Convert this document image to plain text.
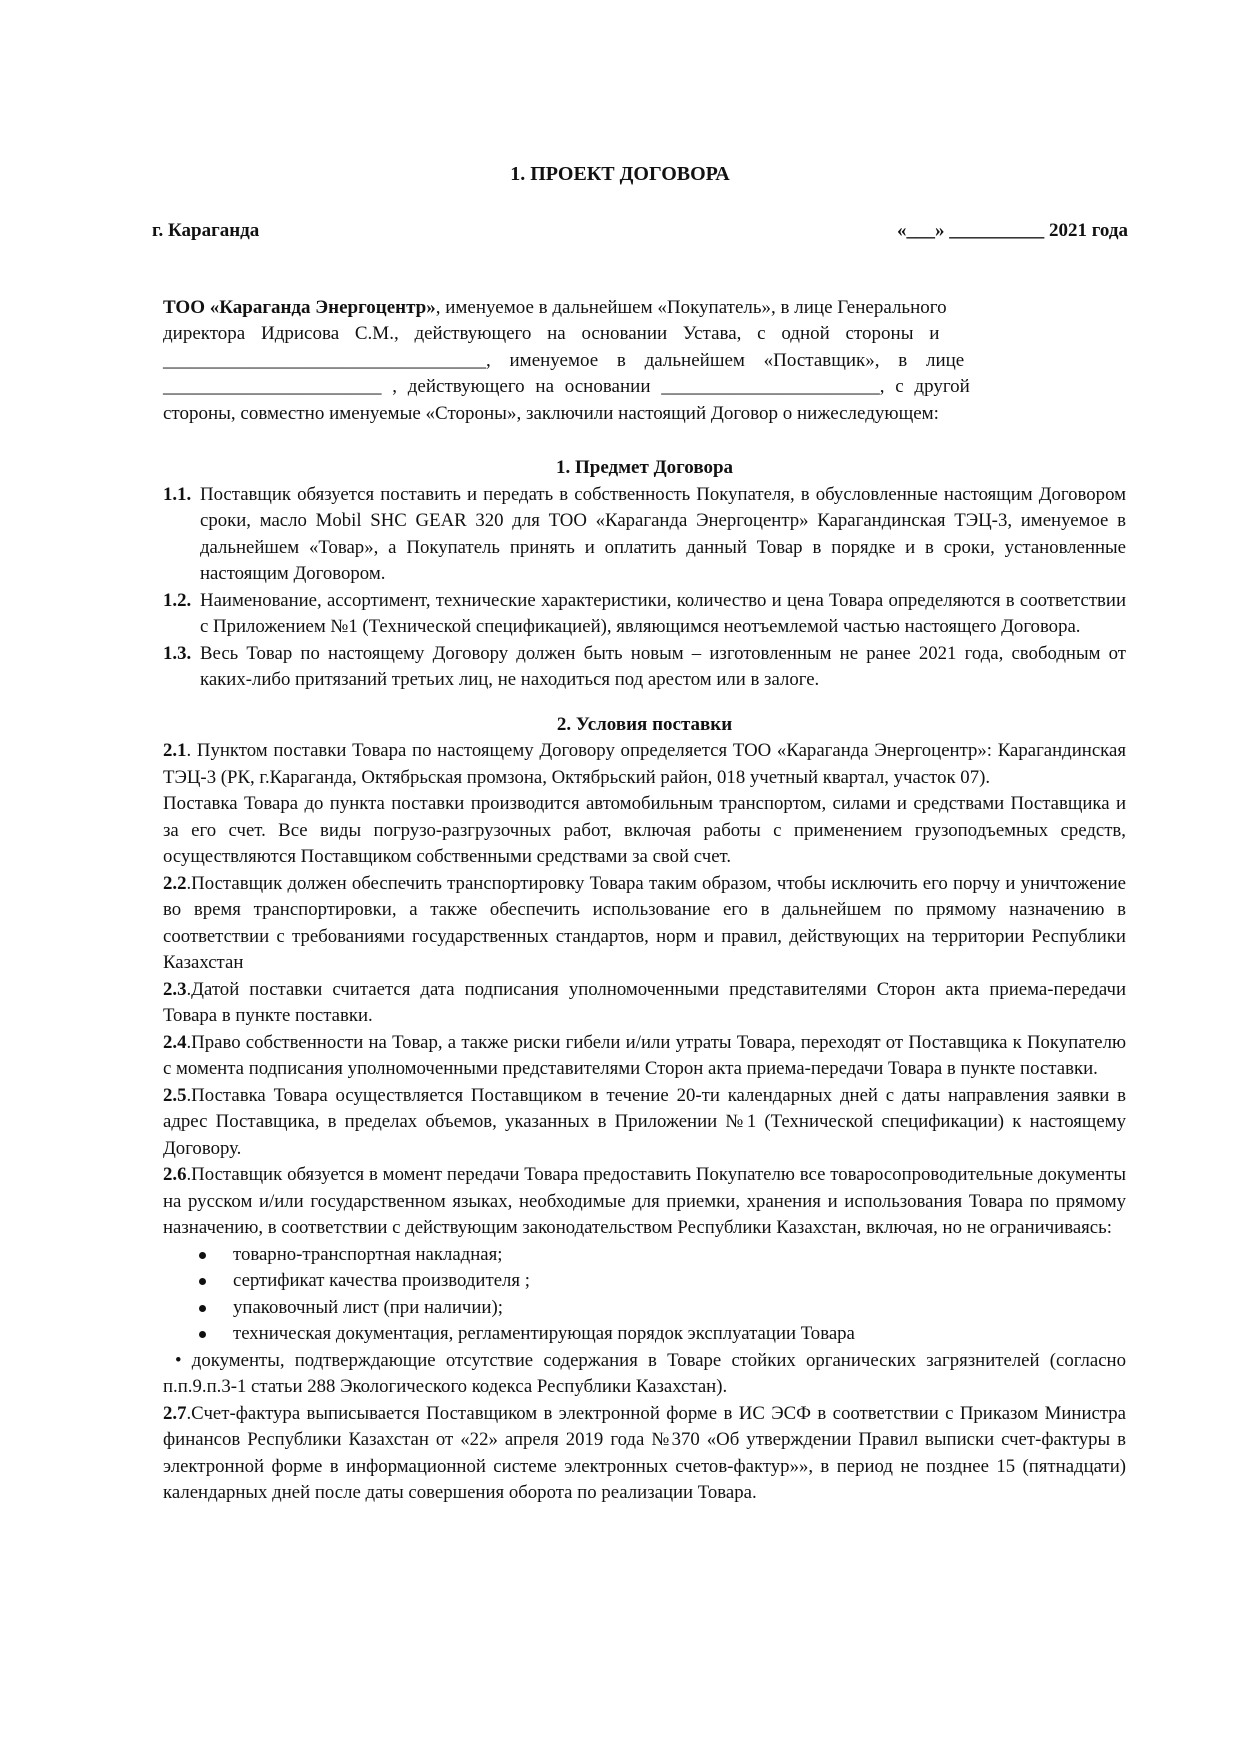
1. ПРОЕКТ ДОГОВОРА
г. Караганда	«___» __________ 2021 года
ТОО «Караганда Энергоцентр», именуемое в дальнейшем «Покупатель», в лице Генерального
директора Идрисова С.М., действующего на основании Устава, с одной стороны и
__________________________________, именуемое в дальнейшем «Поставщик», в лице
_______________________ , действующего на основании _______________________, с другой
стороны, совместно именуемые «Стороны», заключили настоящий Договор о нижеследующем:

1. Предмет Договора

1.1. Поставщик обязуется поставить и передать в собственность Покупателя, в обусловленные настоящим Договором сроки, масло Mobil SHC GEAR 320 для ТОО «Караганда Энергоцентр» Карагандинская ТЭЦ-3, именуемое в дальнейшем «Товар», а Покупатель принять и оплатить данный Товар в порядке и в сроки, установленные настоящим Договором.
1.2. Наименование, ассортимент, технические характеристики, количество и цена Товара определяются в соответствии с Приложением №1 (Технической спецификацией), являющимся неотъемлемой частью настоящего Договора.
1.3. Весь Товар по настоящему Договору должен быть новым – изготовленным не ранее 2021 года, свободным от каких-либо притязаний третьих лиц, не находиться под арестом или в залоге.

2. Условия поставки

2.1. Пунктом поставки Товара по настоящему Договору определяется ТОО «Караганда Энергоцентр»: Карагандинская ТЭЦ-3 (РК, г.Караганда, Октябрьская промзона, Октябрьский район, 018 учетный квартал, участок 07).

Поставка Товара до пункта поставки производится автомобильным транспортом, силами и средствами Поставщика и за его счет. Все виды погрузо-разгрузочных работ, включая работы с применением грузоподъемных средств, осуществляются Поставщиком собственными средствами за свой счет.

2.2.Поставщик должен обеспечить транспортировку Товара таким образом, чтобы исключить его порчу и уничтожение во время транспортировки, а также обеспечить использование его в дальнейшем по прямому назначению в соответствии с требованиями государственных стандартов, норм и правил, действующих на территории Республики Казахстан

2.3.Датой поставки считается дата подписания уполномоченными представителями Сторон акта приема-передачи Товара в пункте поставки.

2.4.Право собственности на Товар, а также риски гибели и/или утраты Товара, переходят от Поставщика к Покупателю с момента подписания уполномоченными представителями Сторон акта приема-передачи Товара в пункте поставки.

2.5.Поставка Товара осуществляется Поставщиком в течение 20-ти календарных дней с даты направления заявки в адрес Поставщика, в пределах объемов, указанных в Приложении №1 (Технической спецификации) к настоящему Договору.

2.6.Поставщик обязуется в момент передачи Товара предоставить Покупателю все товаросопроводительные документы на русском и/или государственном языках, необходимые для приемки, хранения и использования Товара по прямому назначению, в соответствии с действующим законодательством Республики Казахстан, включая, но не ограничиваясь:

товарно-транспортная накладная;
сертификат качества производителя ;
упаковочный лист (при наличии);
техническая документация, регламентирующая порядок эксплуатации Товара

• документы, подтверждающие отсутствие содержания в Товаре стойких органических загрязнителей (согласно п.п.9.п.3-1 статьи 288 Экологического кодекса Республики Казахстан).

2.7.Счет-фактура выписывается Поставщиком в электронной форме в ИС ЭСФ в соответствии с Приказом Министра финансов Республики Казахстан от «22» апреля 2019 года №370 «Об утверждении Правил выписки счет-фактуры в электронной форме в информационной системе электронных счетов-фактур»», в период не позднее 15 (пятнадцати) календарных дней после даты совершения оборота по реализации Товара.
